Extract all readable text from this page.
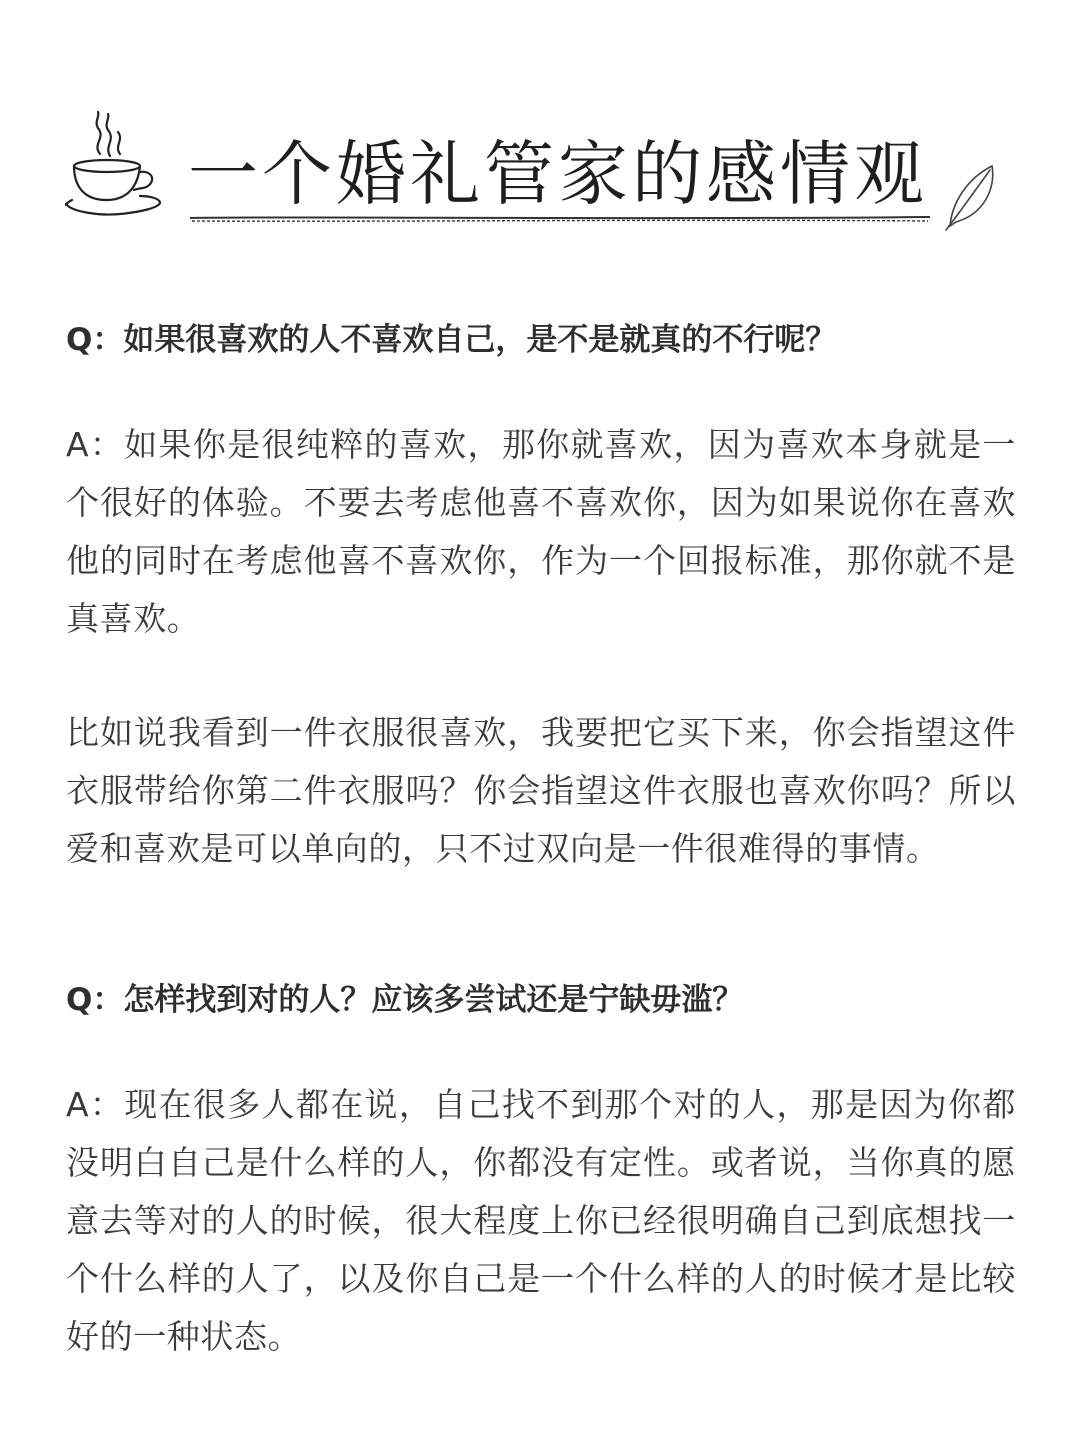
一个婚礼管家的感情观

Q：如果很喜欢的人不喜欢自己，是不是就真的不行呢？

A：如果你是很纯粹的喜欢，那你就喜欢，因为喜欢本身就是一个很好的体验。不要去考虑他喜不喜欢你，因为如果说你在喜欢他的同时在考虑他喜不喜欢你，作为一个回报标准，那你就不是真喜欢。

比如说我看到一件衣服很喜欢，我要把它买下来，你会指望这件衣服带给你第二件衣服吗？你会指望这件衣服也喜欢你吗？所以爱和喜欢是可以单向的，只不过双向是一件很难得的事情。

Q：怎样找到对的人？应该多尝试还是宁缺毋滥？

A：现在很多人都在说，自己找不到那个对的人，那是因为你都没明白自己是什么样的人，你都没有定性。或者说，当你真的愿意去等对的人的时候，很大程度上你已经很明确自己到底想找一个什么样的人了，以及你自己是一个什么样的人的时候才是比较好的一种状态。
